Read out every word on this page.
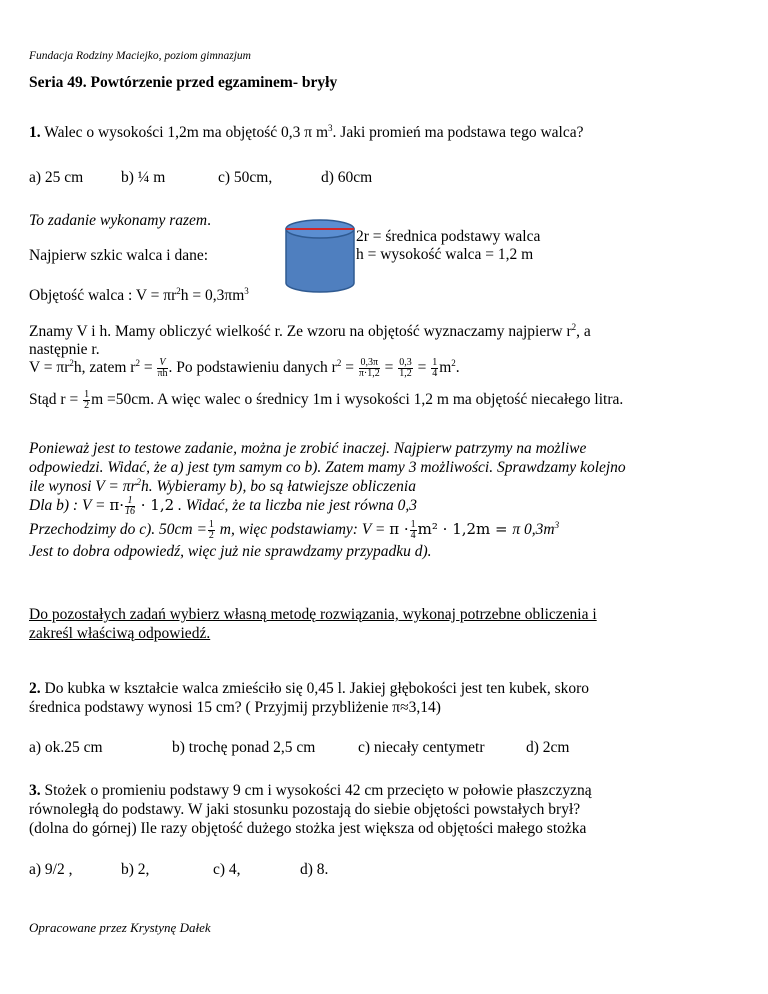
Fundacja Rodziny Maciejko, poziom gimnazjum
Seria 49. Powtórzenie przed egzaminem- bryły
1. Walec o wysokości 1,2m ma objętość 0,3 π $m^3$. Jaki promień ma podstawa tego walca?
a) 25 cm b) ¼ m	c) 50cm,	d) 60cm
To zadanie wykonamy razem.
Najpierw szkic walca i dane:
2r = średnica podstawy walca
h = wysokość walca = 1,2 m
Objętość walca : $V = \pi r^2h = 0,3\pi m^3$
Znamy V i h. Mamy obliczyć wielkość r. Ze wzoru na objętość wyznaczamy najpierw $r^2$, a
następnie r.
$V = \pi r^2h$, zatem $r^2 = \frac{V}{\pi h}$ . Po podstawieniu danych $r^2 = \frac{0,3\pi}{\pi\cdot 1,2} = \frac{0,3}{1,2} = \frac{1}{4} m^2$.
Stąd $r = \frac{1}{2}$ m =50cm. A więc walec o średnicy 1m i wysokości 1,2 m ma objętość niecałego litra.
Ponieważ jest to testowe zadanie, można je zrobić inaczej. Najpierw patrzymy na możliwe
odpowiedzi. Widać, że a) jest tym samym co b). Zatem mamy 3 możliwości. Sprawdzamy kolejno
ile wynosi $V = \pi r^2h$. Wybieramy b), bo są łatwiejsze obliczenia
Dla b) : $V = \pi\cdot \frac{1}{16} \cdot 1,2$ . Widać, że ta liczba nie jest równa 0,3
Przechodzimy do c). $50cm = \frac{1}{2} m$, więc podstawiamy: $V = \pi \cdot \frac{1}{4} m^2 \cdot 1,2m = \pi$ $0,3m^3$
Jest to dobra odpowiedź, więc już nie sprawdzamy przypadku d).
Do pozostałych zadań wybierz własną metodę rozwiązania, wykonaj potrzebne obliczenia i
zakreśl właściwą odpowiedź.
2. Do kubka w kształcie walca zmieściło się 0,45 l. Jakiej głębokości jest ten kubek, skoro
średnica podstawy wynosi 15 cm? ( Przyjmij przybliżenie π≈3,14)
a) ok.25 cm	b) trochę ponad 2,5 cm	c) niecały centymetr	d) 2cm
3. Stożek o promieniu podstawy 9 cm i wysokości 42 cm przecięto w połowie płaszczyzną
równoległą do podstawy. W jaki stosunku pozostają do siebie objętości powstałych brył?
(dolna do górnej) Ile razy objętość dużego stożka jest większa od objętości małego stożka
a) 9/2 ,	b) 2,	c) 4,	d) 8.
Opracowane przez Krystynę Dałek
